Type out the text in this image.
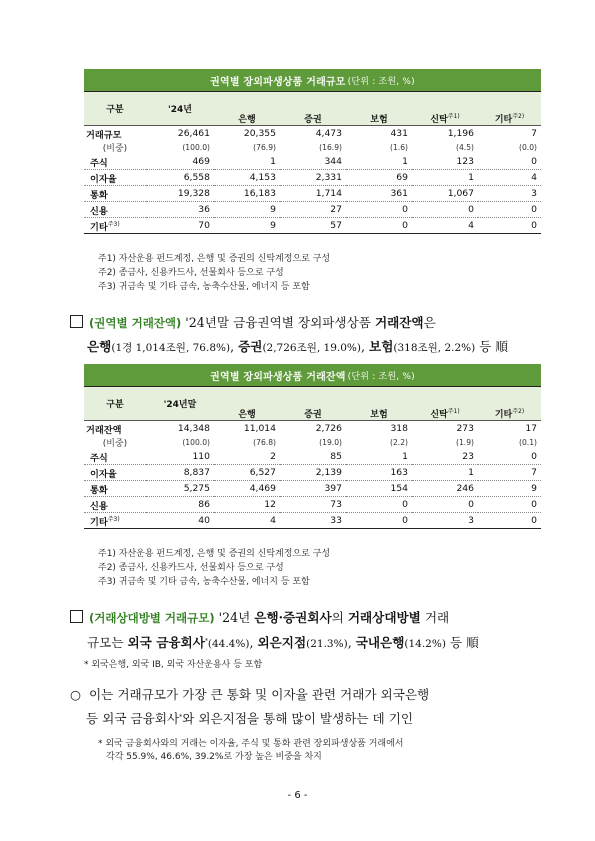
권역별 장외파생상품 거래규모 (단위 : 조원, %)
구분	'24년					
		은행	증권	보험	신탁$^{주1)}$	기타$^{주2)}$
거래규모	26,461	20,355	4,473	431	1,196	7
(비중)	(100.0)	(76.9)	(16.9)	(1.6)	(4.5)	(0.0)
주식	469	1	344	1	123	0
이자율	6,558	4,153	2,331	69	1	4
통화	19,328	16,183	1,714	361	1,067	3
신용	36	9	27	0	0	0
기타$^{주3)}$	70	9	57	0	4	0
주1) 자산운용 펀드계정, 은행 및 증권의 신탁계정으로 구성
주2) 종금사, 신용카드사, 선물회사 등으로 구성
주3) 귀금속 및 기타 금속, 농축수산물, 에너지 등 포함
(권역별 거래잔액) '24년말 금융권역별 장외파생상품 거래잔액은
은행(1경 1,014조원, 76.8%), 증권(2,726조원, 19.0%), 보험(318조원, 2.2%) 등 順
권역별 장외파생상품 거래잔액 (단위 : 조원, %)
구분	'24년말					
		은행	증권	보험	신탁$^{주1)}$	기타$^{주2)}$
거래잔액	14,348	11,014	2,726	318	273	17
(비중)	(100.0)	(76.8)	(19.0)	(2.2)	(1.9)	(0.1)
주식	110	2	85	1	23	0
이자율	8,837	6,527	2,139	163	1	7
통화	5,275	4,469	397	154	246	9
신용	86	12	73	0	0	0
기타$^{주3)}$	40	4	33	0	3	0
주1) 자산운용 펀드계정, 은행 및 증권의 신탁계정으로 구성
주2) 종금사, 신용카드사, 선물회사 등으로 구성
주3) 귀금속 및 기타 금속, 농축수산물, 에너지 등 포함
(거래상대방별 거래규모) '24년 은행·증권회사의 거래상대방별 거래
규모는 외국 금융회사*(44.4%), 외은지점(21.3%), 국내은행(14.2%) 등 順
* 외국은행, 외국 IB, 외국 자산운용사 등 포함
○ 이는 거래규모가 가장 큰 통화 및 이자율 관련 거래가 외국은행
등 외국 금융회사*와 외은지점을 통해 많이 발생하는 데 기인
* 외국 금융회사와의 거래는 이자율, 주식 및 통화 관련 장외파생상품 거래에서
각각 55.9%, 46.6%, 39.2%로 가장 높은 비중을 차지
- 6 -
